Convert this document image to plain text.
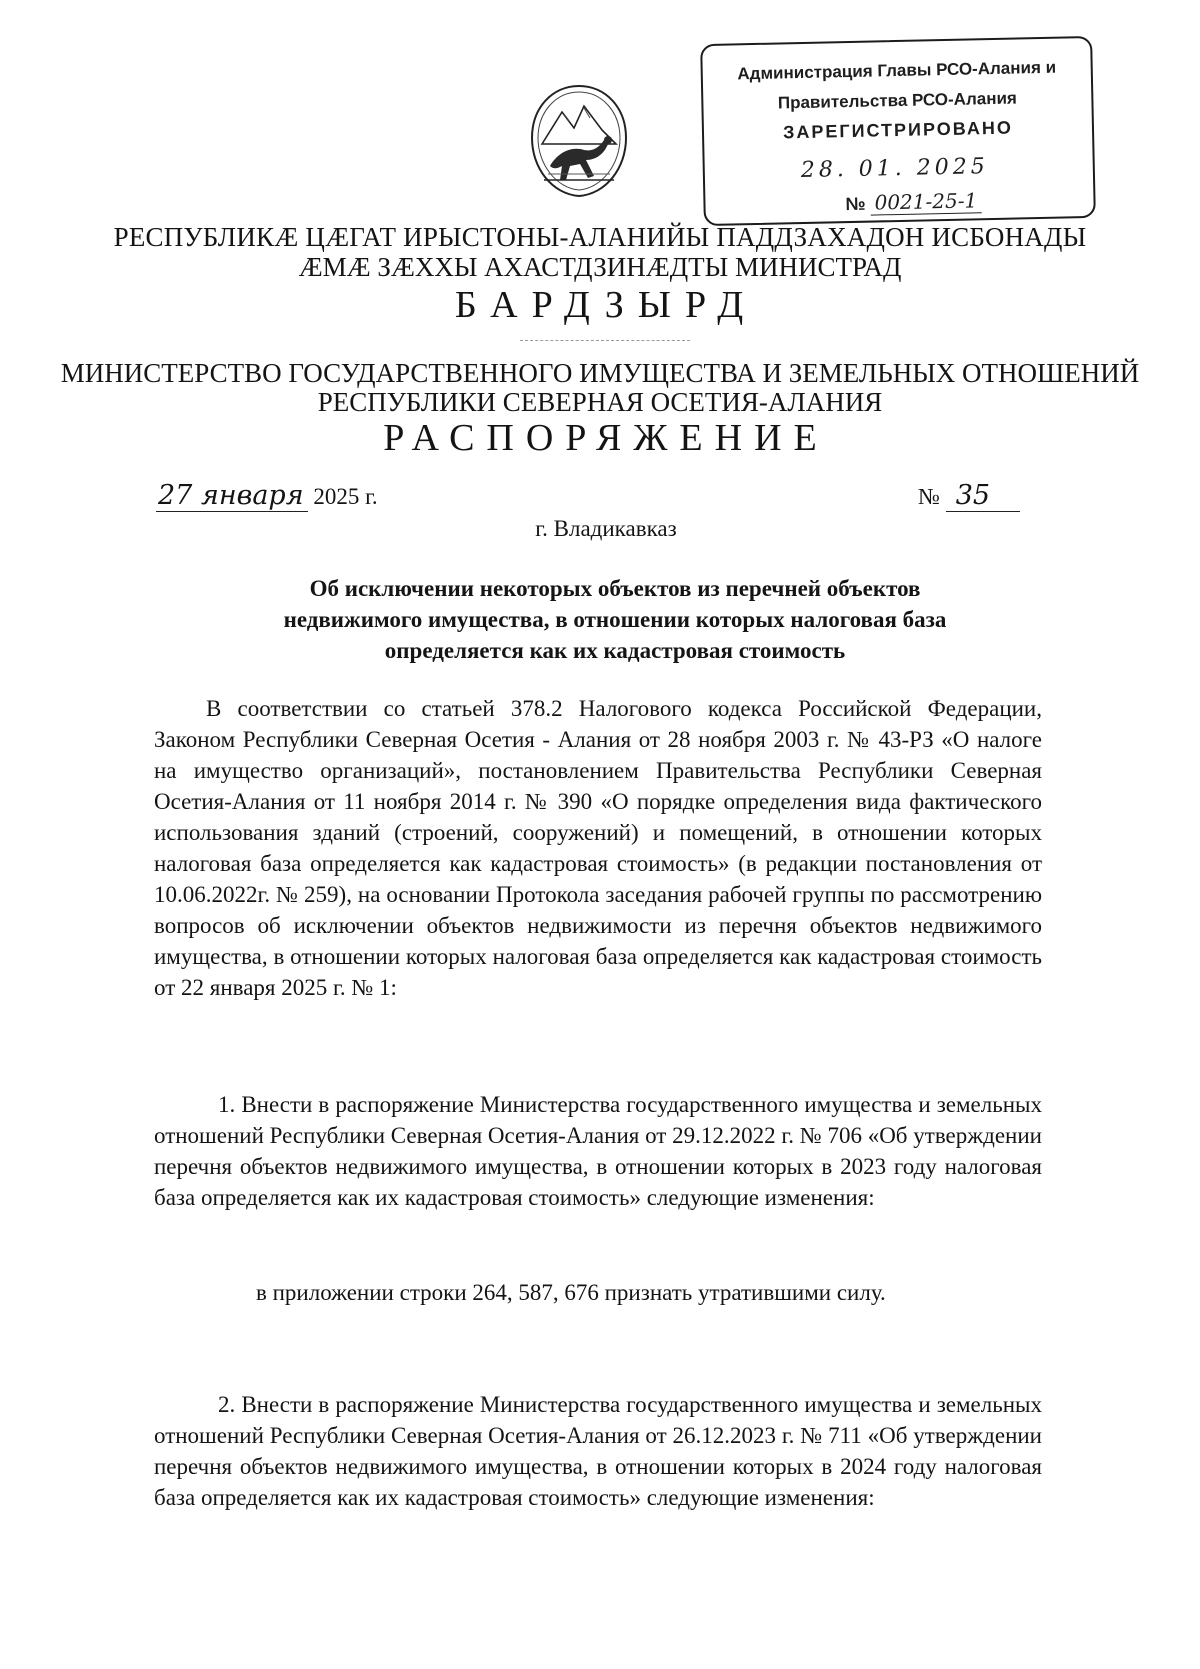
Администрация Главы РСО-Алания и
Правительства РСО-Алания
ЗАРЕГИСТРИРОВАНО
28. 01. 2025
№ 0021-25-1
РЕСПУБЛИКӔ ЦӔГАТ ИРЫСТОНЫ-АЛАНИЙЫ ПАДДЗАХАДОН ИСБОНАДЫ
ӔМӔ ЗӔХХЫ АХАСТДЗИНӔДТЫ МИНИСТРАД
БАРДЗЫРД
МИНИСТЕРСТВО ГОСУДАРСТВЕННОГО ИМУЩЕСТВА И ЗЕМЕЛЬНЫХ ОТНОШЕНИЙ
РЕСПУБЛИКИ СЕВЕРНАЯ ОСЕТИЯ-АЛАНИЯ
РАСПОРЯЖЕНИЕ
27 января 2025 г.	№ 35
г. Владикавказ
Об исключении некоторых объектов из перечней объектов
недвижимого имущества, в отношении которых налоговая база
определяется как их кадастровая стоимость
В соответствии со статьей 378.2 Налогового кодекса Российской Федерации, Законом Республики Северная Осетия - Алания от 28 ноября 2003 г. № 43-РЗ «О налоге на имущество организаций», постановлением Правительства Республики Северная Осетия-Алания от 11 ноября 2014 г. № 390 «О порядке определения вида фактического использования зданий (строений, сооружений) и помещений, в отношении которых налоговая база определяется как кадастровая стоимость» (в редакции постановления от 10.06.2022г. № 259), на основании Протокола заседания рабочей группы по рассмотрению вопросов об исключении объектов недвижимости из перечня объектов недвижимого имущества, в отношении которых налоговая база определяется как кадастровая стоимость от 22 января 2025 г. № 1:
1. Внести в распоряжение Министерства государственного имущества и земельных отношений Республики Северная Осетия-Алания от 29.12.2022 г. № 706 «Об утверждении перечня объектов недвижимого имущества, в отношении которых в 2023 году налоговая база определяется как их кадастровая стоимость» следующие изменения:
в приложении строки 264, 587, 676 признать утратившими силу.
2. Внести в распоряжение Министерства государственного имущества и земельных отношений Республики Северная Осетия-Алания от 26.12.2023 г. № 711 «Об утверждении перечня объектов недвижимого имущества, в отношении которых в 2024 году налоговая база определяется как их кадастровая стоимость» следующие изменения:
